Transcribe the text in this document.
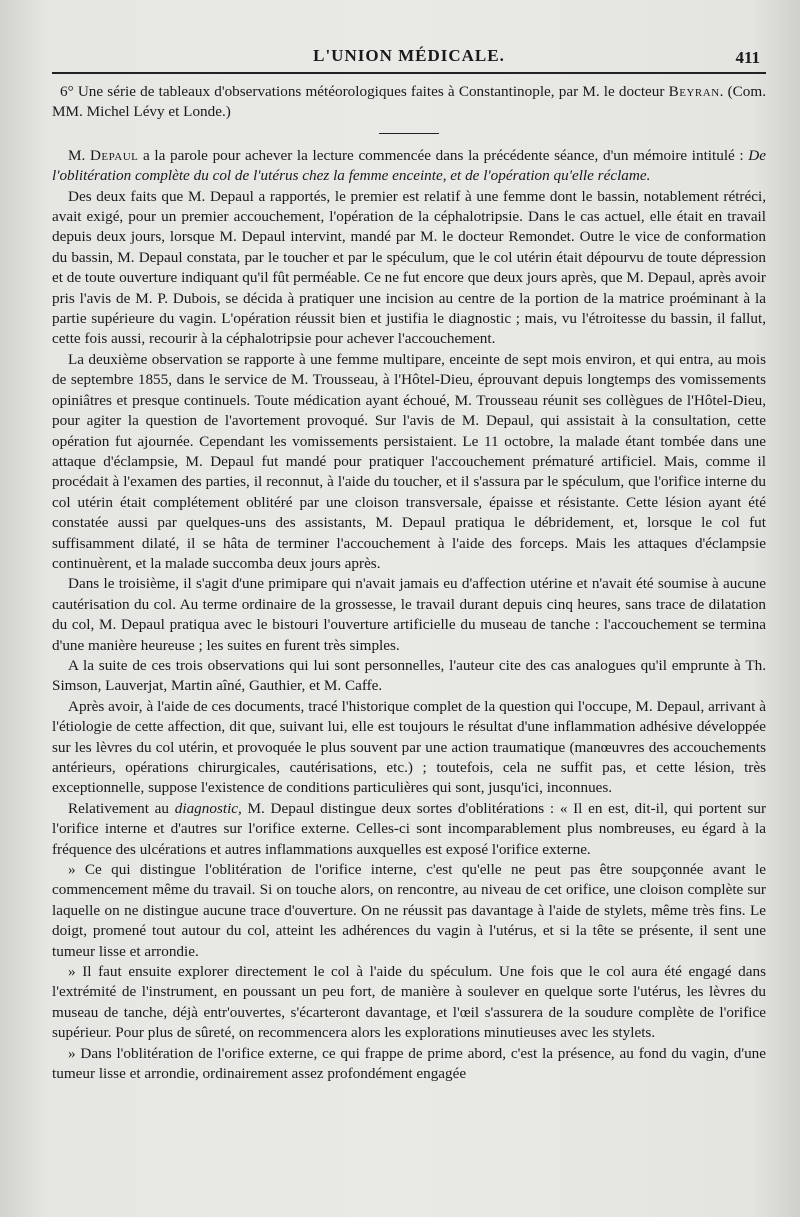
L'UNION MÉDICALE.	411

6° Une série de tableaux d'observations météorologiques faites à Constantinople, par M. le docteur Beyran. (Com. MM. Michel Lévy et Londe.)

M. Depaul a la parole pour achever la lecture commencée dans la précédente séance, d'un mémoire intitulé : De l'oblitération complète du col de l'utérus chez la femme enceinte, et de l'opération qu'elle réclame.

Des deux faits que M. Depaul a rapportés, le premier est relatif à une femme dont le bassin, notablement rétréci, avait exigé, pour un premier accouchement, l'opération de la céphalotripsie. Dans le cas actuel, elle était en travail depuis deux jours, lorsque M. Depaul intervint, mandé par M. le docteur Remondet. Outre le vice de conformation du bassin, M. Depaul constata, par le toucher et par le spéculum, que le col utérin était dépourvu de toute dépression et de toute ouverture indiquant qu'il fût perméable. Ce ne fut encore que deux jours après, que M. Depaul, après avoir pris l'avis de M. P. Dubois, se décida à pratiquer une incision au centre de la portion de la matrice proéminant à la partie supérieure du vagin. L'opération réussit bien et justifia le diagnostic ; mais, vu l'étroitesse du bassin, il fallut, cette fois aussi, recourir à la céphalotripsie pour achever l'accouchement.

La deuxième observation se rapporte à une femme multipare, enceinte de sept mois environ, et qui entra, au mois de septembre 1855, dans le service de M. Trousseau, à l'Hôtel-Dieu, éprouvant depuis longtemps des vomissements opiniâtres et presque continuels. Toute médication ayant échoué, M. Trousseau réunit ses collègues de l'Hôtel-Dieu, pour agiter la question de l'avortement provoqué. Sur l'avis de M. Depaul, qui assistait à la consultation, cette opération fut ajournée. Cependant les vomissements persistaient. Le 11 octobre, la malade étant tombée dans une attaque d'éclampsie, M. Depaul fut mandé pour pratiquer l'accouchement prématuré artificiel. Mais, comme il procédait à l'examen des parties, il reconnut, à l'aide du toucher, et il s'assura par le spéculum, que l'orifice interne du col utérin était complétement oblitéré par une cloison transversale, épaisse et résistante. Cette lésion ayant été constatée aussi par quelques-uns des assistants, M. Depaul pratiqua le débridement, et, lorsque le col fut suffisamment dilaté, il se hâta de terminer l'accouchement à l'aide des forceps. Mais les attaques d'éclampsie continuèrent, et la malade succomba deux jours après.

Dans le troisième, il s'agit d'une primipare qui n'avait jamais eu d'affection utérine et n'avait été soumise à aucune cautérisation du col. Au terme ordinaire de la grossesse, le travail durant depuis cinq heures, sans trace de dilatation du col, M. Depaul pratiqua avec le bistouri l'ouverture artificielle du museau de tanche : l'accouchement se termina d'une manière heureuse ; les suites en furent très simples.

A la suite de ces trois observations qui lui sont personnelles, l'auteur cite des cas analogues qu'il emprunte à Th. Simson, Lauverjat, Martin aîné, Gauthier, et M. Caffe.

Après avoir, à l'aide de ces documents, tracé l'historique complet de la question qui l'occupe, M. Depaul, arrivant à l'étiologie de cette affection, dit que, suivant lui, elle est toujours le résultat d'une inflammation adhésive développée sur les lèvres du col utérin, et provoquée le plus souvent par une action traumatique (manœuvres des accouchements antérieurs, opérations chirurgicales, cautérisations, etc.) ; toutefois, cela ne suffit pas, et cette lésion, très exceptionnelle, suppose l'existence de conditions particulières qui sont, jusqu'ici, inconnues.

Relativement au diagnostic, M. Depaul distingue deux sortes d'oblitérations : « Il en est, dit-il, qui portent sur l'orifice interne et d'autres sur l'orifice externe. Celles-ci sont incomparablement plus nombreuses, eu égard à la fréquence des ulcérations et autres inflammations auxquelles est exposé l'orifice externe.

» Ce qui distingue l'oblitération de l'orifice interne, c'est qu'elle ne peut pas être soupçonnée avant le commencement même du travail. Si on touche alors, on rencontre, au niveau de cet orifice, une cloison complète sur laquelle on ne distingue aucune trace d'ouverture. On ne réussit pas davantage à l'aide de stylets, même très fins. Le doigt, promené tout autour du col, atteint les adhérences du vagin à l'utérus, et si la tête se présente, il sent une tumeur lisse et arrondie.

» Il faut ensuite explorer directement le col à l'aide du spéculum. Une fois que le col aura été engagé dans l'extrémité de l'instrument, en poussant un peu fort, de manière à soulever en quelque sorte l'utérus, les lèvres du museau de tanche, déjà entr'ouvertes, s'écarteront davantage, et l'œil s'assurera de la soudure complète de l'orifice supérieur. Pour plus de sûreté, on recommencera alors les explorations minutieuses avec les stylets.

» Dans l'oblitération de l'orifice externe, ce qui frappe de prime abord, c'est la présence, au fond du vagin, d'une tumeur lisse et arrondie, ordinairement assez profondément engagée
